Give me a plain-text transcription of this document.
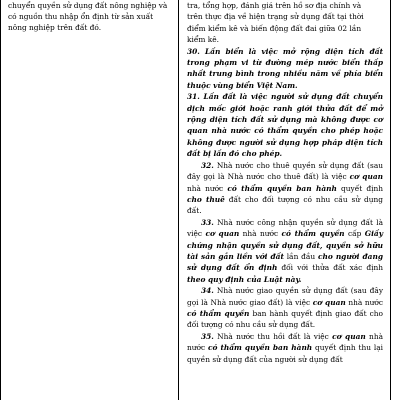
chuyển quyền sử dụng đất nông nghiệp và
có nguồn thu nhập ổn định từ sản xuất
nông nghiệp trên đất đó.
tra, tổng hợp, đánh giá trên hồ sơ địa chính và
trên thực địa về hiện trạng sử dụng đất tại thời
điểm kiểm kê và biến động đất đai giữa 02 lần
kiểm kê.

30. Lấn biển là việc mở rộng diện tích đất trong phạm vi từ đường mép nước biển thấp nhất trung bình trong nhiều năm về phía biển thuộc vùng biển Việt Nam.

31. Lấn đất là việc người sử dụng đất chuyển dịch mốc giới hoặc ranh giới thửa đất để mở rộng diện tích đất sử dụng mà không được cơ quan nhà nước có thẩm quyền cho phép hoặc không được người sử dụng hợp pháp diện tích đất bị lấn đó cho phép.

32. Nhà nước cho thuê quyền sử dụng đất (sau đây gọi là Nhà nước cho thuê đất) là việc cơ quan nhà nước có thẩm quyền ban hành quyết định cho thuê đất cho đối tượng có nhu cầu sử dụng đất.

33. Nhà nước công nhận quyền sử dụng đất là việc cơ quan nhà nước có thẩm quyền cấp Giấy chứng nhận quyền sử dụng đất, quyền sở hữu tài sản gắn liền với đất lần đầu cho người đang sử dụng đất ổn định đối với thửa đất xác định theo quy định của Luật này.

34. Nhà nước giao quyền sử dụng đất (sau đây gọi là Nhà nước giao đất) là việc cơ quan nhà nước có thẩm quyền ban hành quyết định giao đất cho đối tượng có nhu cầu sử dụng đất.

35. Nhà nước thu hồi đất là việc cơ quan nhà nước có thẩm quyền ban hành quyết định thu lại quyền sử dụng đất của người sử dụng đất
